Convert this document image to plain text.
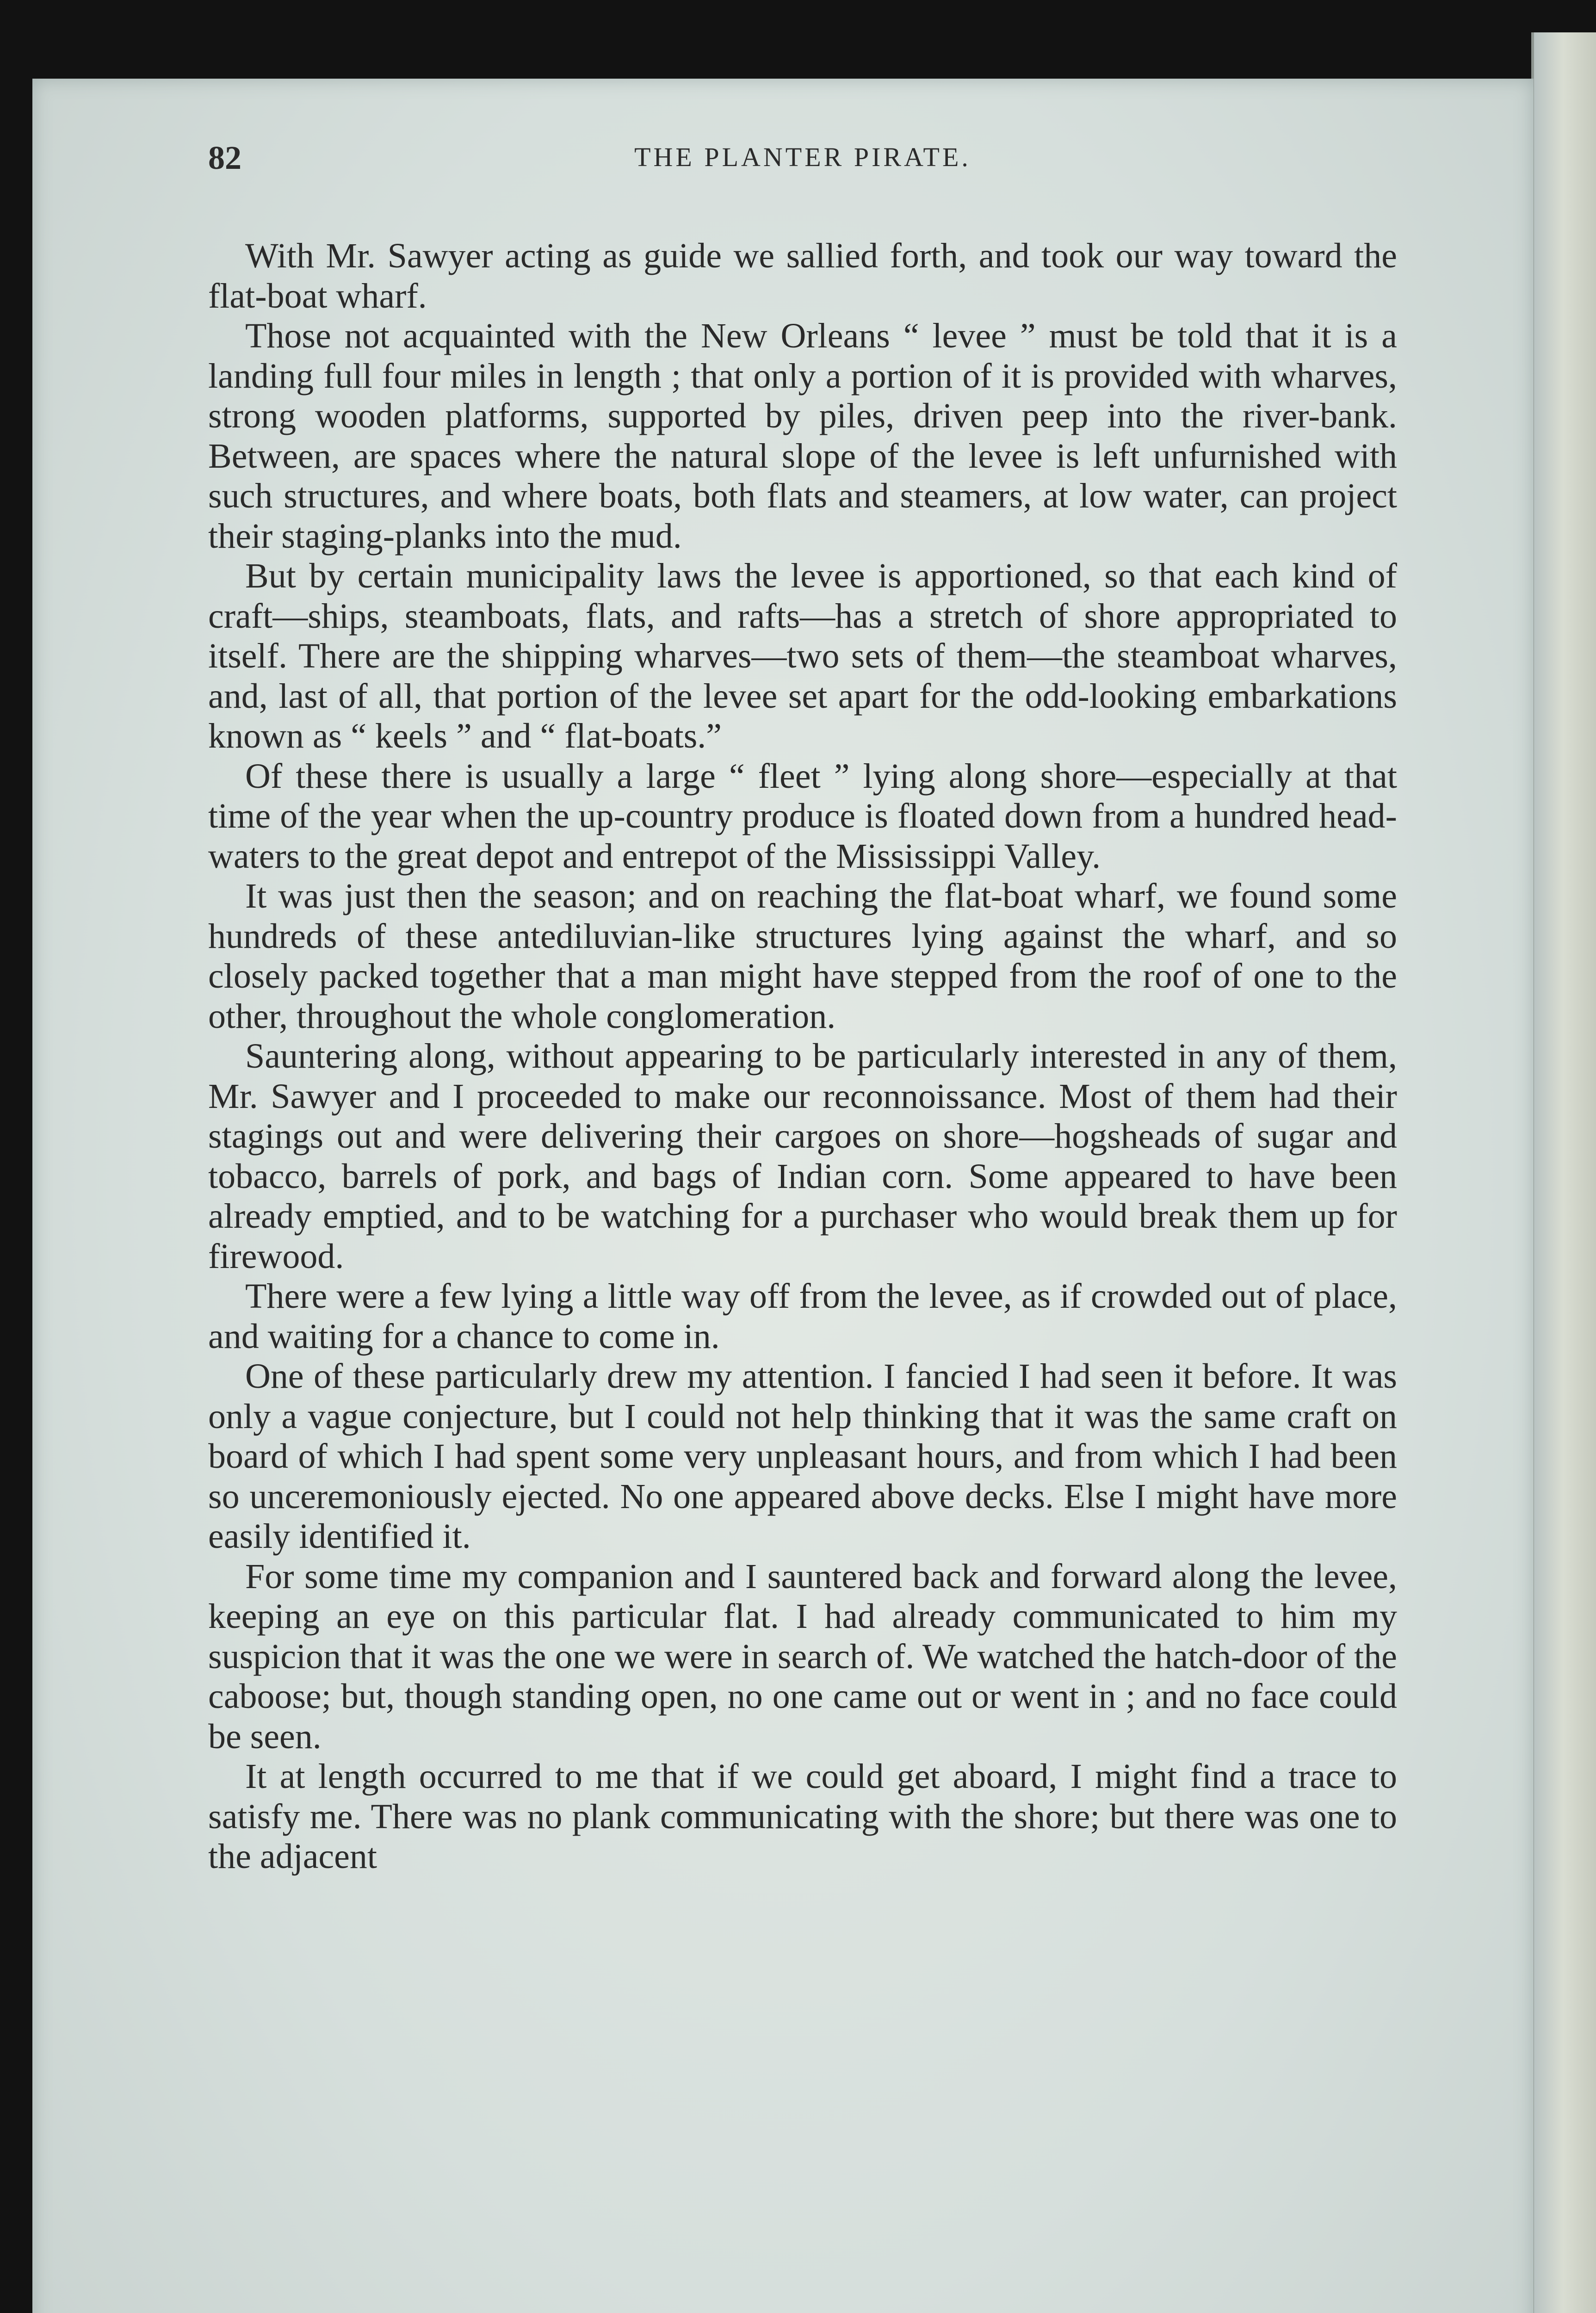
82	THE PLANTER PIRATE.

With Mr. Sawyer acting as guide we sallied forth, and took our way toward the flat-boat wharf.

Those not acquainted with the New Orleans “ levee ” must be told that it is a landing full four miles in length ; that only a portion of it is provided with wharves, strong wooden platforms, supported by piles, driven peep into the river-bank. Between, are spaces where the natural slope of the levee is left unfurnished with such structures, and where boats, both flats and steamers, at low water, can project their staging-planks into the mud.

But by certain municipality laws the levee is apportioned, so that each kind of craft—ships, steamboats, flats, and rafts—has a stretch of shore appropriated to itself. There are the shipping wharves—two sets of them—the steamboat wharves, and, last of all, that portion of the levee set apart for the odd-looking embarkations known as “ keels ” and “ flat-boats.”

Of these there is usually a large “ fleet ” lying along shore—especially at that time of the year when the up-country produce is floated down from a hundred head-waters to the great depot and entrepot of the Mississippi Valley.

It was just then the season; and on reaching the flat-boat wharf, we found some hundreds of these antediluvian-like structures lying against the wharf, and so closely packed together that a man might have stepped from the roof of one to the other, throughout the whole conglomeration.

Sauntering along, without appearing to be particularly interested in any of them, Mr. Sawyer and I proceeded to make our reconnoissance. Most of them had their stagings out and were delivering their cargoes on shore—hogsheads of sugar and tobacco, barrels of pork, and bags of Indian corn. Some appeared to have been already emptied, and to be watching for a purchaser who would break them up for firewood.

There were a few lying a little way off from the levee, as if crowded out of place, and waiting for a chance to come in.

One of these particularly drew my attention. I fancied I had seen it before. It was only a vague conjecture, but I could not help thinking that it was the same craft on board of which I had spent some very unpleasant hours, and from which I had been so unceremoniously ejected. No one appeared above decks. Else I might have more easily identified it.

For some time my companion and I sauntered back and forward along the levee, keeping an eye on this particular flat. I had already communicated to him my suspicion that it was the one we were in search of. We watched the hatch-door of the caboose; but, though standing open, no one came out or went in ; and no face could be seen.

It at length occurred to me that if we could get aboard, I might find a trace to satisfy me. There was no plank communicating with the shore; but there was one to the adjacent
